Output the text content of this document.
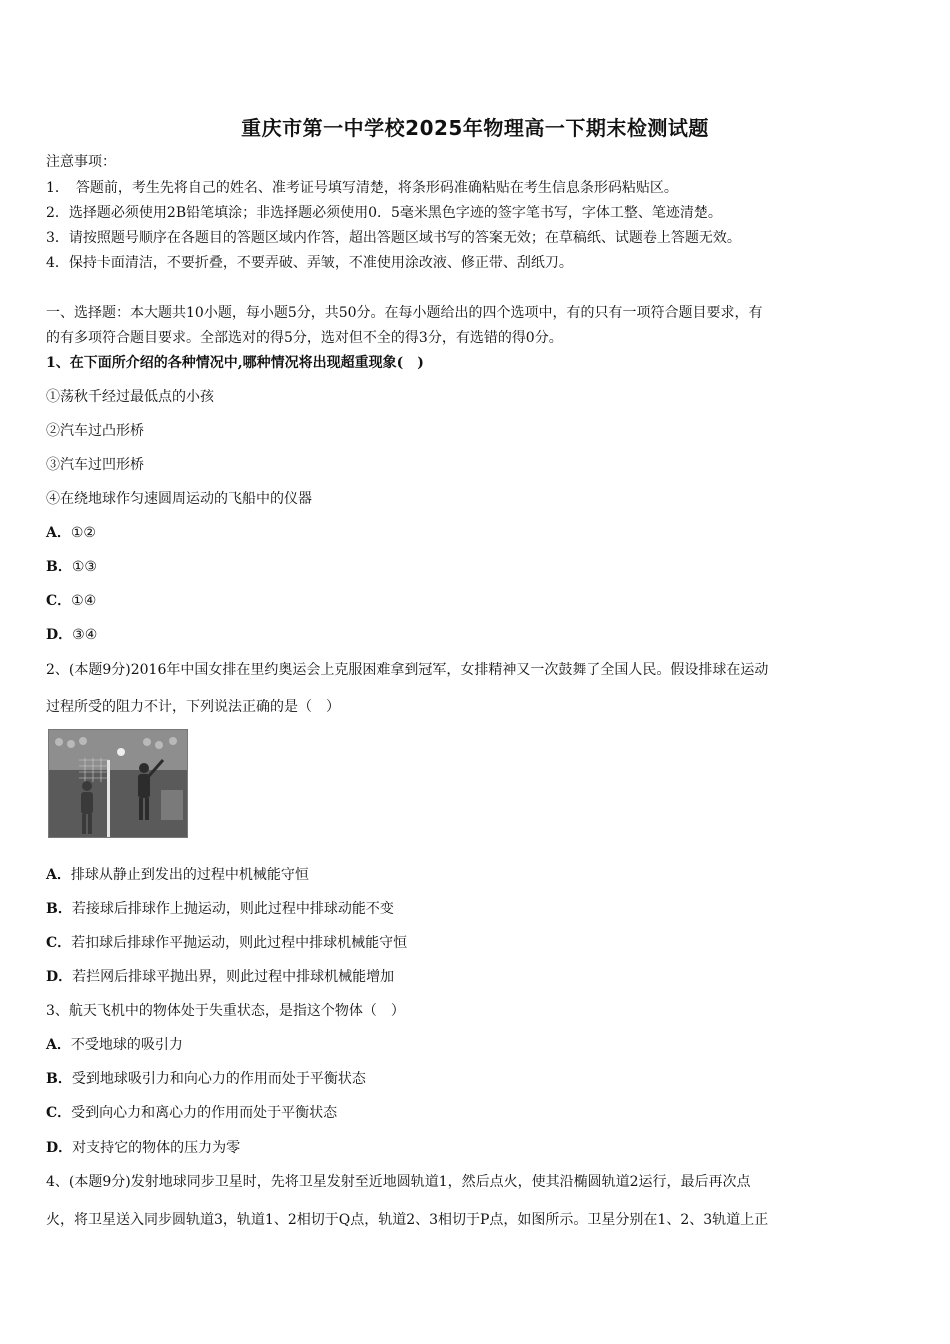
重庆市第一中学校2025年物理高一下期末检测试题
注意事项：
1．　答题前，考生先将自己的姓名、准考证号填写清楚，将条形码准确粘贴在考生信息条形码粘贴区。
2．选择题必须使用2B铅笔填涂；非选择题必须使用0．5毫米黑色字迹的签字笔书写，字体工整、笔迹清楚。
3．请按照题号顺序在各题目的答题区域内作答，超出答题区域书写的答案无效；在草稿纸、试题卷上答题无效。
4．保持卡面清洁，不要折叠，不要弄破、弄皱，不准使用涂改液、修正带、刮纸刀。
一、选择题：本大题共10小题，每小题5分，共50分。在每小题给出的四个选项中，有的只有一项符合题目要求，有
的有多项符合题目要求。全部选对的得5分，选对但不全的得3分，有选错的得0分。
1、在下面所介绍的各种情况中,哪种情况将出现超重现象(　)
①荡秋千经过最低点的小孩
②汽车过凸形桥
③汽车过凹形桥
④在绕地球作匀速圆周运动的飞船中的仪器
A．①②
B．①③
C．①④
D．③④
2、(本题9分)2016年中国女排在里约奥运会上克服困难拿到冠军，女排精神又一次鼓舞了全国人民。假设排球在运动
过程所受的阻力不计，下列说法正确的是（　）
A．排球从静止到发出的过程中机械能守恒
B．若接球后排球作上抛运动，则此过程中排球动能不变
C．若扣球后排球作平抛运动，则此过程中排球机械能守恒
D．若拦网后排球平抛出界，则此过程中排球机械能增加
3、航天飞机中的物体处于失重状态，是指这个物体（　）
A．不受地球的吸引力
B．受到地球吸引力和向心力的作用而处于平衡状态
C．受到向心力和离心力的作用而处于平衡状态
D．对支持它的物体的压力为零
4、(本题9分)发射地球同步卫星时，先将卫星发射至近地圆轨道1，然后点火，使其沿椭圆轨道2运行，最后再次点
火，将卫星送入同步圆轨道3，轨道1、2相切于Q点，轨道2、3相切于P点，如图所示。卫星分别在1、2、3轨道上正
